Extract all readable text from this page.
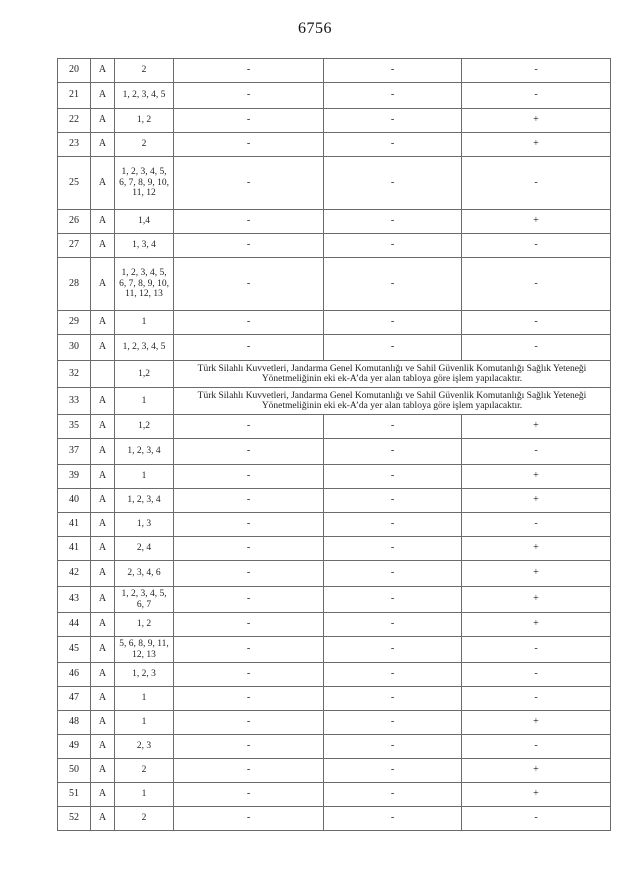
6756
20	A	2	-	-	-
21	A	1, 2, 3, 4, 5	-	-	-
22	A	1, 2	-	-	+
23	A	2	-	-	+
25	A	1, 2, 3, 4, 5, 6, 7, 8, 9, 10, 11, 12	-	-	-
26	A	1,4	-	-	+
27	A	1, 3, 4	-	-	-
28	A	1, 2, 3, 4, 5, 6, 7, 8, 9, 10, 11, 12, 13	-	-	-
29	A	1	-	-	-
30	A	1, 2, 3, 4, 5	-	-	-
32		1,2	Türk Silahlı Kuvvetleri, Jandarma Genel Komutanlığı ve Sahil Güvenlik Komutanlığı Sağlık Yeteneği Yönetmeliğinin eki ek-A’da yer alan tabloya göre işlem yapılacaktır.		
33	A	1	Türk Silahlı Kuvvetleri, Jandarma Genel Komutanlığı ve Sahil Güvenlik Komutanlığı Sağlık Yeteneği Yönetmeliğinin eki ek-A’da yer alan tabloya göre işlem yapılacaktır.		
35	A	1,2	-	-	+
37	A	1, 2, 3, 4	-	-	-
39	A	1	-	-	+
40	A	1, 2, 3, 4	-	-	+
41	A	1, 3	-	-	-
41	A	2, 4	-	-	+
42	A	2, 3, 4, 6	-	-	+
43	A	1, 2, 3, 4, 5, 6, 7	-	-	+
44	A	1, 2	-	-	+
45	A	5, 6, 8, 9, 11, 12, 13	-	-	-
46	A	1, 2, 3	-	-	-
47	A	1	-	-	-
48	A	1	-	-	+
49	A	2, 3	-	-	-
50	A	2	-	-	+
51	A	1	-	-	+
52	A	2	-	-	-
